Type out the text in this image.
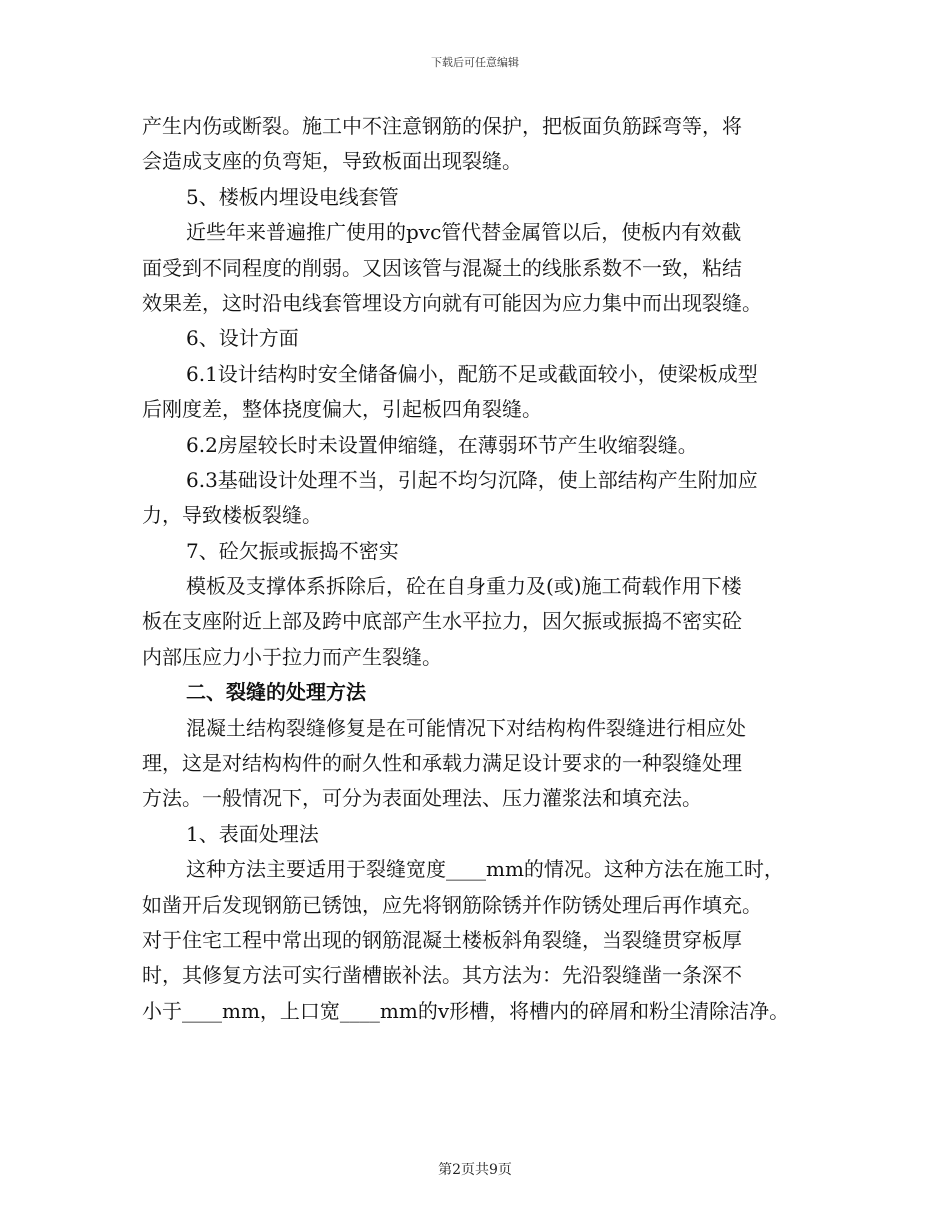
下载后可任意编辑
产生内伤或断裂。施工中不注意钢筋的保护，把板面负筋踩弯等，将
会造成支座的负弯矩，导致板面出现裂缝。
5、楼板内埋设电线套管
近些年来普遍推广使用的pvc管代替金属管以后，使板内有效截
面受到不同程度的削弱。又因该管与混凝土的线胀系数不一致，粘结
效果差，这时沿电线套管埋设方向就有可能因为应力集中而出现裂缝。
6、设计方面
6.1设计结构时安全储备偏小，配筋不足或截面较小，使梁板成型
后刚度差，整体挠度偏大，引起板四角裂缝。
6.2房屋较长时未设置伸缩缝，在薄弱环节产生收缩裂缝。
6.3基础设计处理不当，引起不均匀沉降，使上部结构产生附加应
力，导致楼板裂缝。
7、砼欠振或振捣不密实
模板及支撑体系拆除后，砼在自身重力及(或)施工荷载作用下楼
板在支座附近上部及跨中底部产生水平拉力，因欠振或振捣不密实砼
内部压应力小于拉力而产生裂缝。
二、裂缝的处理方法
混凝土结构裂缝修复是在可能情况下对结构构件裂缝进行相应处
理，这是对结构构件的耐久性和承载力满足设计要求的一种裂缝处理
方法。一般情况下，可分为表面处理法、压力灌浆法和填充法。
1、表面处理法
这种方法主要适用于裂缝宽度____mm的情况。这种方法在施工时，
如凿开后发现钢筋已锈蚀，应先将钢筋除锈并作防锈处理后再作填充。
对于住宅工程中常出现的钢筋混凝土楼板斜角裂缝，当裂缝贯穿板厚
时，其修复方法可实行凿槽嵌补法。其方法为：先沿裂缝凿一条深不
小于____mm，上口宽____mm的v形槽，将槽内的碎屑和粉尘清除洁净。
第2页共9页
